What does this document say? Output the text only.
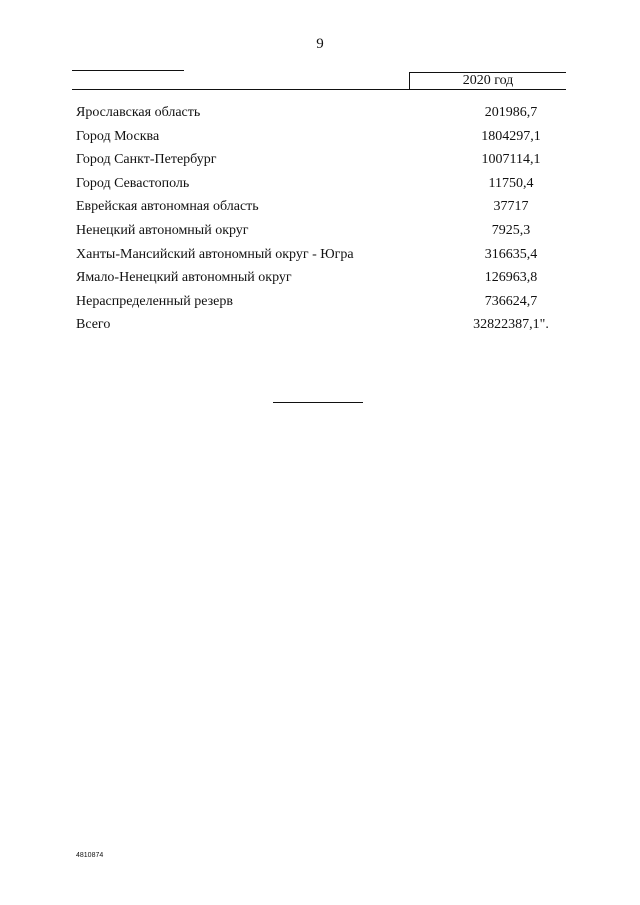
9
2020 год
Ярославская область	201986,7
Город Москва	1804297,1
Город Санкт-Петербург	1007114,1
Город Севастополь	11750,4
Еврейская автономная область	37717
Ненецкий автономный округ	7925,3
Ханты-Мансийский автономный округ - Югра	316635,4
Ямало-Ненецкий автономный округ	126963,8
Нераспределенный резерв	736624,7
Всего	32822387,1".
4810874
